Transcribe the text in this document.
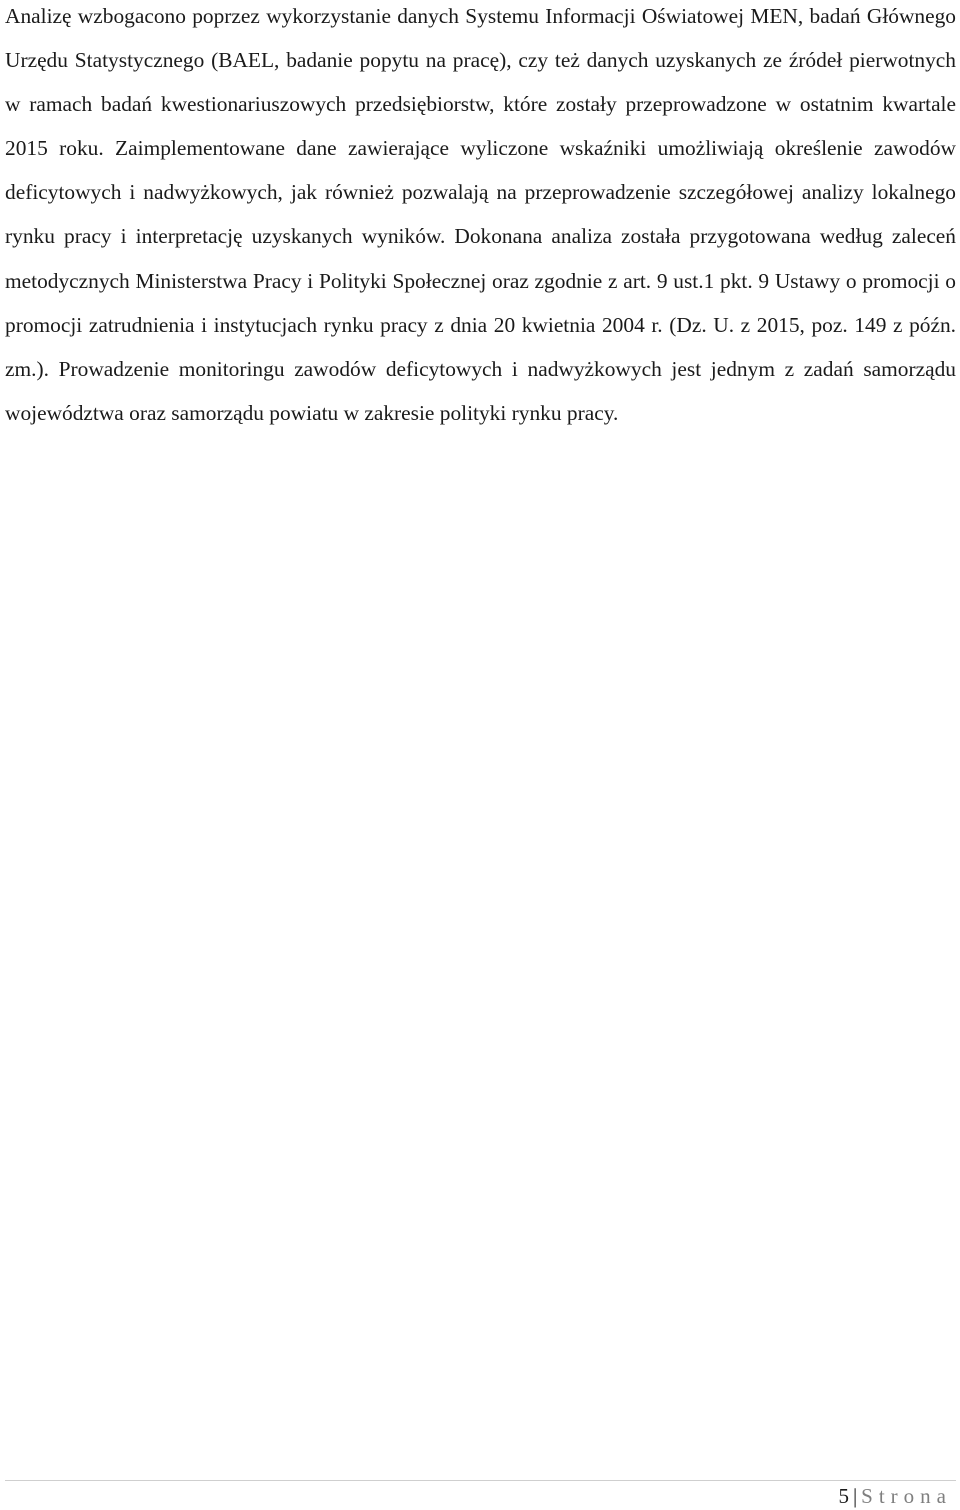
Analizę wzbogacono poprzez wykorzystanie danych Systemu Informacji Oświatowej MEN, badań Głównego Urzędu Statystycznego (BAEL, badanie popytu na pracę), czy też danych uzyskanych ze źródeł pierwotnych w ramach badań kwestionariuszowych przedsiębiorstw, które zostały przeprowadzone w ostatnim kwartale 2015 roku. Zaimplementowane dane zawierające wyliczone wskaźniki umożliwiają określenie zawodów deficytowych i nadwyżkowych, jak również pozwalają na przeprowadzenie szczegółowej analizy lokalnego rynku pracy i interpretację uzyskanych wyników. Dokonana analiza została przygotowana według zaleceń metodycznych Ministerstwa Pracy i Polityki Społecznej oraz zgodnie z art. 9 ust.1 pkt. 9 Ustawy o promocji o promocji zatrudnienia i instytucjach rynku pracy z dnia 20 kwietnia 2004 r. (Dz. U. z 2015, poz. 149 z późn. zm.). Prowadzenie monitoringu zawodów deficytowych i nadwyżkowych jest jednym z zadań samorządu województwa oraz samorządu powiatu w zakresie polityki rynku pracy.

5 | Strona
